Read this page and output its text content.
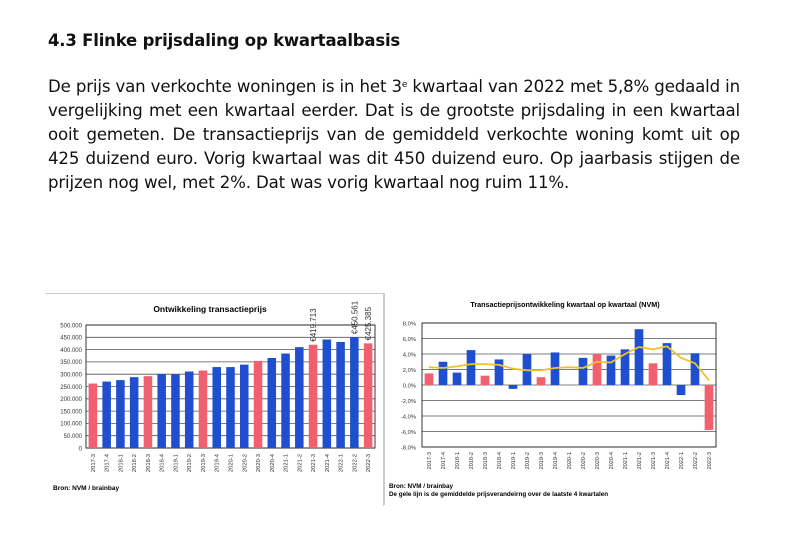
4.3 Flinke prijsdaling op kwartaalbasis

De prijs van verkochte woningen is in het 3e kwartaal van 2022 met 5,8% gedaald in vergelijking met een kwartaal eerder. Dat is de grootste prijsdaling in een kwartaal ooit gemeten. De transactieprijs van de gemiddeld verkochte woning komt uit op 425 duizend euro. Vorig kwartaal was dit 450 duizend euro. Op jaarbasis stijgen de prijzen nog wel, met 2%. Dat was vorig kwartaal nog ruim 11%.

Ontwikkeling transactieprijs
0
50.000
100.000
150.000
200.000
250.000
300.000
350.000
400.000
450.000
500.000	€419.713	€450.561 €425.385
2017-3 2017-4 2018-1 2018-2 2018-3 2018-4 2019-1 2019-2 2019-3 2019-4 2020-1 2020-2 2020-3 2020-4 2021-1 2021-2 2021-3 2021-4 2022-1 2022-2 2022-3
Bron: NVM / brainbay
Transactieprijsontwikkeling kwartaal op kwartaal (NVM)
-8,0%
-6,0%
-4,0%
-2,0%
0,0%
2,0%
4,0%
6,0%
8,0%
2017-3 2017-4 2018-1 2018-2 2018-3 2018-4 2019-1 2019-2 2019-3 2019-4 2020-1 2020-2 2020-3 2020-4 2021-1 2021-2 2021-3 2021-4 2022-1 2022-2 2022-3
Bron: NVM / brainbay
De gele lijn is de gemiddelde prijsverandeirng over de laatste 4 kwartalen
